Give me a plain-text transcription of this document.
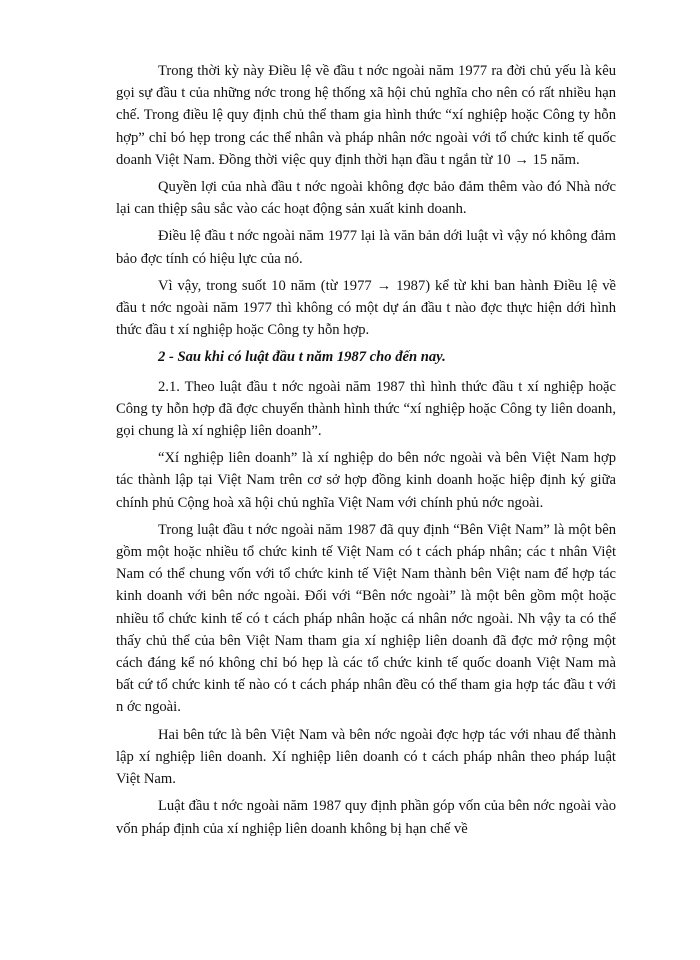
Trong thời kỳ này Điều lệ về đầu t nớc ngoài năm 1977 ra đời chủ yếu là kêu gọi sự đầu t của những nớc trong hệ thống xã hội chủ nghĩa cho nên có rất nhiều hạn chế. Trong điều lệ quy định chủ thể tham gia hình thức “xí nghiệp hoặc Công ty hỗn hợp” chỉ bó hẹp trong các thể nhân và pháp nhân nớc ngoài với tổ chức kinh tế quốc doanh Việt Nam. Đồng thời việc quy định thời hạn đầu t ngắn từ 10 → 15 năm.

Quyền lợi của nhà đầu t nớc ngoài không đợc bảo đảm thêm vào đó Nhà nớc lại can thiệp sâu sắc vào các hoạt động sản xuất kinh doanh.

Điều lệ đầu t nớc ngoài năm 1977 lại là văn bản dới luật vì vậy nó không đảm bảo đợc tính có hiệu lực của nó.

Vì vậy, trong suốt 10 năm (từ 1977 → 1987) kể từ khi ban hành Điều lệ về đầu t nớc ngoài năm 1977 thì không có một dự án đầu t nào đợc thực hiện dới hình thức đầu t xí nghiệp hoặc Công ty hỗn hợp.

2 - Sau khi có luật đầu t năm 1987 cho đến nay.

2.1. Theo luật đầu t nớc ngoài năm 1987 thì hình thức đầu t xí nghiệp hoặc Công ty hỗn hợp đã đợc chuyển thành hình thức “xí nghiệp hoặc Công ty liên doanh, gọi chung là xí nghiệp liên doanh”.

“Xí nghiệp liên doanh” là xí nghiệp do bên nớc ngoài và bên Việt Nam hợp tác thành lập tại Việt Nam trên cơ sở hợp đồng kinh doanh hoặc hiệp định ký giữa chính phủ Cộng hoà xã hội chủ nghĩa Việt Nam với chính phủ nớc ngoài.

Trong luật đầu t nớc ngoài năm 1987 đã quy định “Bên Việt Nam” là một bên gồm một hoặc nhiều tổ chức kinh tế Việt Nam có t cách pháp nhân; các t nhân Việt Nam có thể chung vốn với tổ chức kinh tế Việt Nam thành bên Việt nam để hợp tác kinh doanh với bên nớc ngoài. Đối với “Bên nớc ngoài” là một bên gồm một hoặc nhiều tổ chức kinh tế có t cách pháp nhân hoặc cá nhân nớc ngoài. Nh vậy ta có thể thấy chủ thể của bên Việt Nam tham gia xí nghiệp liên doanh đã đợc mở rộng một cách đáng kể nó không chỉ bó hẹp là các tổ chức kinh tế quốc doanh Việt Nam mà bất cứ tổ chức kinh tế nào có t cách pháp nhân đều có thể tham gia hợp tác đầu t với n ớc ngoài.

Hai bên tức là bên Việt Nam và bên nớc ngoài đợc hợp tác với nhau để thành lập xí nghiệp liên doanh. Xí nghiệp liên doanh có t cách pháp nhân theo pháp luật Việt Nam.

Luật đầu t nớc ngoài năm 1987 quy định phần góp vốn của bên nớc ngoài vào vốn pháp định của xí nghiệp liên doanh không bị hạn chế về
